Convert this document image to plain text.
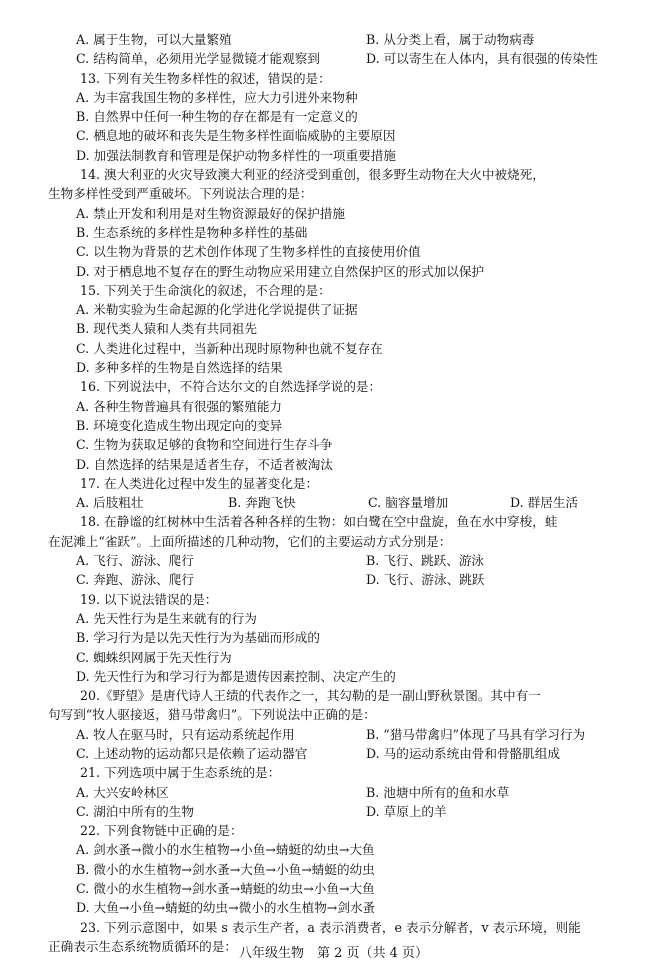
A. 属于生物，可以大量繁殖	B. 从分类上看，属于动物病毒
C. 结构简单，必须用光学显微镜才能观察到	D. 可以寄生在人体内，具有很强的传染性
13. 下列有关生物多样性的叙述，错误的是：
A. 为丰富我国生物的多样性，应大力引进外来物种
B. 自然界中任何一种生物的存在都是有一定意义的
C. 栖息地的破坏和丧失是生物多样性面临威胁的主要原因
D. 加强法制教育和管理是保护动物多样性的一项重要措施
14. 澳大利亚的火灾导致澳大利亚的经济受到重创，很多野生动物在大火中被烧死，
生物多样性受到严重破坏。下列说法合理的是：
A. 禁止开发和利用是对生物资源最好的保护措施
B. 生态系统的多样性是物种多样性的基础
C. 以生物为背景的艺术创作体现了生物多样性的直接使用价值
D. 对于栖息地不复存在的野生动物应采用建立自然保护区的形式加以保护
15. 下列关于生命演化的叙述，不合理的是：
A. 米勒实验为生命起源的化学进化学说提供了证据
B. 现代类人猿和人类有共同祖先
C. 人类进化过程中，当新种出现时原物种也就不复存在
D. 多种多样的生物是自然选择的结果
16. 下列说法中，不符合达尔文的自然选择学说的是：
A. 各种生物普遍具有很强的繁殖能力
B. 环境变化造成生物出现定向的变异
C. 生物为获取足够的食物和空间进行生存斗争
D. 自然选择的结果是适者生存，不适者被淘汰
17. 在人类进化过程中发生的显著变化是：
A. 后肢粗壮	B. 奔跑飞快	C. 脑容量增加	D. 群居生活
18. 在静谧的红树林中生活着各种各样的生物：如白鹭在空中盘旋，鱼在水中穿梭，蛙
在泥滩上“雀跃”。上面所描述的几种动物，它们的主要运动方式分别是：
A. 飞行、游泳、爬行	B. 飞行、跳跃、游泳
C. 奔跑、游泳、爬行	D. 飞行、游泳、跳跃
19. 以下说法错误的是：
A. 先天性行为是生来就有的行为
B. 学习行为是以先天性行为为基础而形成的
C. 蜘蛛织网属于先天性行为
D. 先天性行为和学习行为都是遗传因素控制、决定产生的
20.《野望》是唐代诗人王绩的代表作之一，其勾勒的是一副山野秋景图。其中有一
句写到“牧人驱接返，猎马带禽归”。下列说法中正确的是：
A. 牧人在驱马时，只有运动系统起作用	B. “猎马带禽归”体现了马具有学习行为
C. 上述动物的运动都只是依赖了运动器官	D. 马的运动系统由骨和骨骼肌组成
21. 下列选项中属于生态系统的是：
A. 大兴安岭林区	B. 池塘中所有的鱼和水草
C. 湖泊中所有的生物	D. 草原上的羊
22. 下列食物链中正确的是：
A. 剑水蚤→微小的水生植物→小鱼→蜻蜓的幼虫→大鱼
B. 微小的水生植物→剑水蚤→大鱼→小鱼→蜻蜓的幼虫
C. 微小的水生植物→剑水蚤→蜻蜓的幼虫→小鱼→大鱼
D. 大鱼→小鱼→蜻蜓的幼虫→微小的水生植物→剑水蚤
23. 下列示意图中，如果 s 表示生产者，a 表示消费者，e 表示分解者，v 表示环境，则能
正确表示生态系统物质循环的是： 八年级生物　第 2 页（共 4 页）
